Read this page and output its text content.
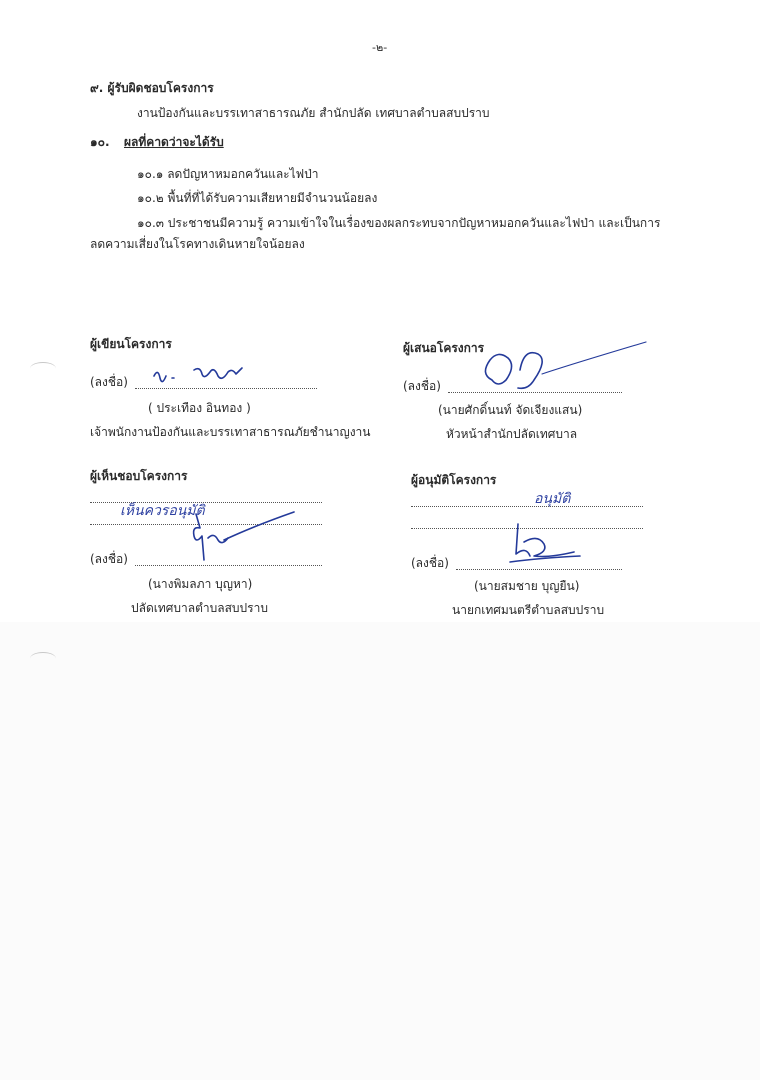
-๒-
๙. ผู้รับผิดชอบโครงการ
งานป้องกันและบรรเทาสาธารณภัย สำนักปลัด เทศบาลตำบลสบปราบ
๑๐. ผลที่คาดว่าจะได้รับ
๑๐.๑ ลดปัญหาหมอกควันและไฟป่า
๑๐.๒ พื้นที่ที่ได้รับความเสียหายมีจำนวนน้อยลง
๑๐.๓ ประชาชนมีความรู้ ความเข้าใจในเรื่องของผลกระทบจากปัญหาหมอกควันและไฟป่า และเป็นการ
ลดความเสี่ยงในโรคทางเดินหายใจน้อยลง
ผู้เขียนโครงการ
(ลงชื่อ)
( ประเทือง อินทอง )
เจ้าพนักงานป้องกันและบรรเทาสาธารณภัยชำนาญงาน
ผู้เสนอโครงการ
(ลงชื่อ)
(นายศักดิ์นนท์ จัดเจียงแสน)
หัวหน้าสำนักปลัดเทศบาล
ผู้เห็นชอบโครงการ
เห็นควรอนุมัติ
(ลงชื่อ)
(นางพิมลภา บุญหา)
ปลัดเทศบาลตำบลสบปราบ
ผู้อนุมัติโครงการ
อนุมัติ
(ลงชื่อ)
(นายสมชาย บุญยืน)
นายกเทศมนตรีตำบลสบปราบ
